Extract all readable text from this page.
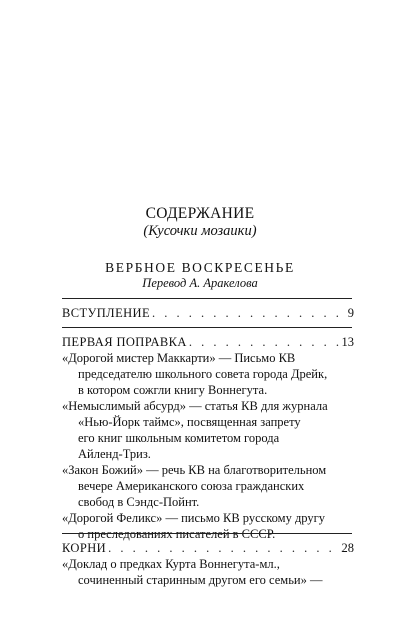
СОДЕРЖАНИЕ
(Кусочки мозаики)
ВЕРБНОЕ ВОСКРЕСЕНЬЕ
Перевод А. Аракелова
ВСТУПЛЕНИЕ . . .	9
ПЕРВАЯ ПОПРАВКА . . .	13
«Дорогой мистер Маккарти» — Письмо КВ
председателю школьного совета города Дрейк,
в котором сожгли книгу Воннегута.
«Немыслимый абсурд» — статья КВ для журнала
«Нью-Йорк таймс», посвященная запрету
его книг школьным комитетом города
Айленд-Триз.
«Закон Божий» — речь КВ на благотворительном
вечере Американского союза гражданских
свобод в Сэндс-Пойнт.
«Дорогой Феликс» — письмо КВ русскому другу
о преследованиях писателей в СССР.
КОРНИ . . .	28
«Доклад о предках Курта Воннегута-мл.,
сочиненный старинным другом его семьи» —
